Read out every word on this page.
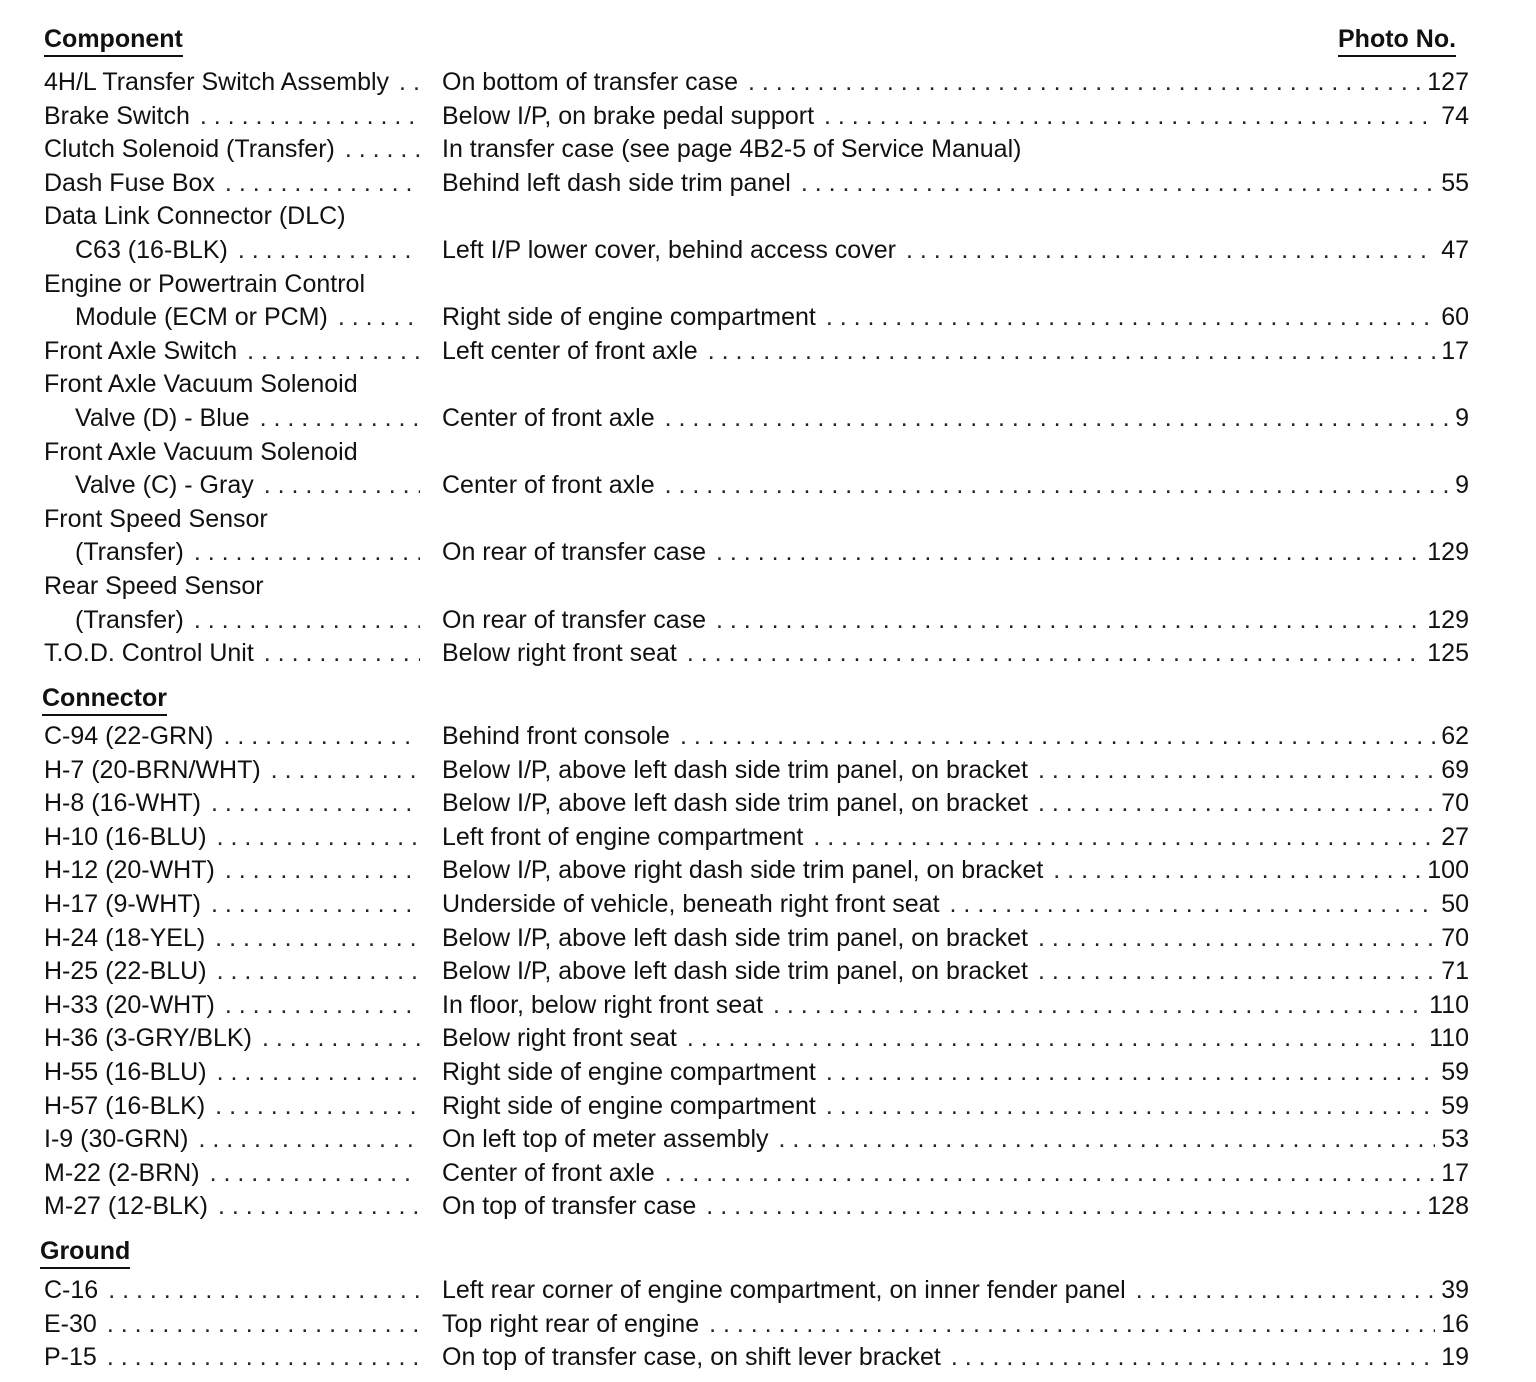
Component	Photo No.
4H/L Transfer Switch Assembly . . . On bottom of transfer case . . .	127
Brake Switch . . .	Below I/P, on brake pedal support . . .	74
Clutch Solenoid (Transfer) . . .	In transfer case (see page 4B2-5 of Service Manual)
Dash Fuse Box . . .	Behind left dash side trim panel . . .	55
Data Link Connector (DLC)
C63 (16-BLK) . . .	Left I/P lower cover, behind access cover . . .	47
Engine or Powertrain Control
Module (ECM or PCM) . . .	Right side of engine compartment . . .	60
Front Axle Switch . . .	Left center of front axle . . .	17
Front Axle Vacuum Solenoid
Valve (D) - Blue . . .	Center of front axle . . .	9
Front Axle Vacuum Solenoid
Valve (C) - Gray . . .	Center of front axle . . .	9
Front Speed Sensor
(Transfer) . . .	On rear of transfer case . . .	129
Rear Speed Sensor
(Transfer) . . .	On rear of transfer case . . .	129
T.O.D. Control Unit . . .	Below right front seat . . .	125
Connector
C-94 (22-GRN) . . .	Behind front console . . .	62
H-7 (20-BRN/WHT) . . .	Below I/P, above left dash side trim panel, on bracket . . .	69
H-8 (16-WHT) . . .	Below I/P, above left dash side trim panel, on bracket . . .	70
H-10 (16-BLU) . . .	Left front of engine compartment . . .	27
H-12 (20-WHT) . . .	Below I/P, above right dash side trim panel, on bracket . . .	100
H-17 (9-WHT) . . .	Underside of vehicle, beneath right front seat . . .	50
H-24 (18-YEL) . . .	Below I/P, above left dash side trim panel, on bracket . . .	70
H-25 (22-BLU) . . .	Below I/P, above left dash side trim panel, on bracket . . .	71
H-33 (20-WHT) . . .	In floor, below right front seat . . .	110
H-36 (3-GRY/BLK) . . .	Below right front seat . . .	110
H-55 (16-BLU) . . .	Right side of engine compartment . . .	59
H-57 (16-BLK) . . .	Right side of engine compartment . . .	59
I-9 (30-GRN) . . .	On left top of meter assembly . . .	53
M-22 (2-BRN) . . .	Center of front axle . . .	17
M-27 (12-BLK) . . .	On top of transfer case . . .	128
Ground
C-16 . . .	Left rear corner of engine compartment, on inner fender panel . . .	39
E-30 . . .	Top right rear of engine . . .	16
P-15 . . .	On top of transfer case, on shift lever bracket . . .	19
